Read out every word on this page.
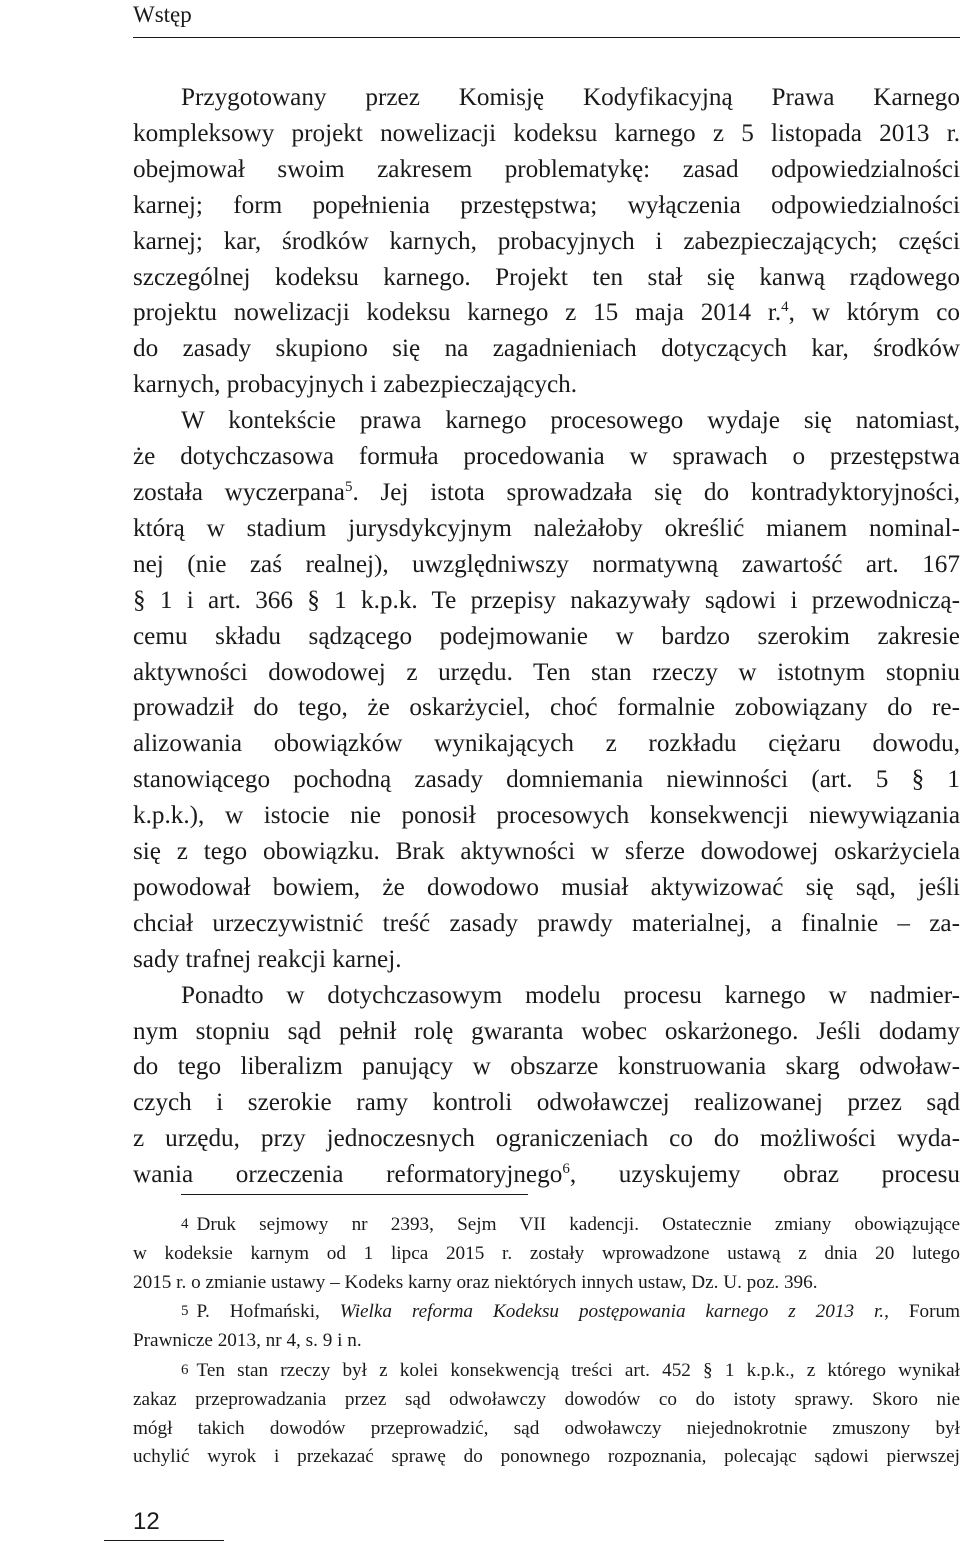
Wstęp
Przygotowany przez Komisję Kodyfikacyjną Prawa Karnego
kompleksowy projekt nowelizacji kodeksu karnego z 5 listopada 2013 r.
obejmował swoim zakresem problematykę: zasad odpowiedzialności
karnej; form popełnienia przestępstwa; wyłączenia odpowiedzialności
karnej; kar, środków karnych, probacyjnych i zabezpieczających; części
szczególnej kodeksu karnego. Projekt ten stał się kanwą rządowego
projektu nowelizacji kodeksu karnego z 15 maja 2014 r.$^4$, w którym co
do zasady skupiono się na zagadnieniach dotyczących kar, środków
karnych, probacyjnych i zabezpieczających.
W kontekście prawa karnego procesowego wydaje się natomiast,
że dotychczasowa formuła procedowania w sprawach o przestępstwa
została wyczerpana$^5$. Jej istota sprowadzała się do kontradyktoryjności,
którą w stadium jurysdykcyjnym należałoby określić mianem nominal-
nej (nie zaś realnej), uwzględniwszy normatywną zawartość art. 167
§ 1 i art. 366 § 1 k.p.k. Te przepisy nakazywały sądowi i przewodniczą-
cemu składu sądzącego podejmowanie w bardzo szerokim zakresie
aktywności dowodowej z urzędu. Ten stan rzeczy w istotnym stopniu
prowadził do tego, że oskarżyciel, choć formalnie zobowiązany do re-
alizowania obowiązków wynikających z rozkładu ciężaru dowodu,
stanowiącego pochodną zasady domniemania niewinności (art. 5 § 1
k.p.k.), w istocie nie ponosił procesowych konsekwencji niewywiązania
się z tego obowiązku. Brak aktywności w sferze dowodowej oskarżyciela
powodował bowiem, że dowodowo musiał aktywizować się sąd, jeśli
chciał urzeczywistnić treść zasady prawdy materialnej, a finalnie – za-
sady trafnej reakcji karnej.
Ponadto w dotychczasowym modelu procesu karnego w nadmier-
nym stopniu sąd pełnił rolę gwaranta wobec oskarżonego. Jeśli dodamy
do tego liberalizm panujący w obszarze konstruowania skarg odwoław-
czych i szerokie ramy kontroli odwoławczej realizowanej przez sąd
z urzędu, przy jednoczesnych ograniczeniach co do możliwości wyda-
wania orzeczenia reformatoryjnego$^6$, uzyskujemy obraz procesu
4 Druk sejmowy nr 2393, Sejm VII kadencji. Ostatecznie zmiany obowiązujące
w kodeksie karnym od 1 lipca 2015 r. zostały wprowadzone ustawą z dnia 20 lutego
2015 r. o zmianie ustawy – Kodeks karny oraz niektórych innych ustaw, Dz. U. poz. 396.
5 P. Hofmański, Wielka reforma Kodeksu postępowania karnego z 2013 r., Forum
Prawnicze 2013, nr 4, s. 9 i n.
6 Ten stan rzeczy był z kolei konsekwencją treści art. 452 § 1 k.p.k., z którego wynikał
zakaz przeprowadzania przez sąd odwoławczy dowodów co do istoty sprawy. Skoro nie
mógł takich dowodów przeprowadzić, sąd odwoławczy niejednokrotnie zmuszony był
uchylić wyrok i przekazać sprawę do ponownego rozpoznania, polecając sądowi pierwszej
12
